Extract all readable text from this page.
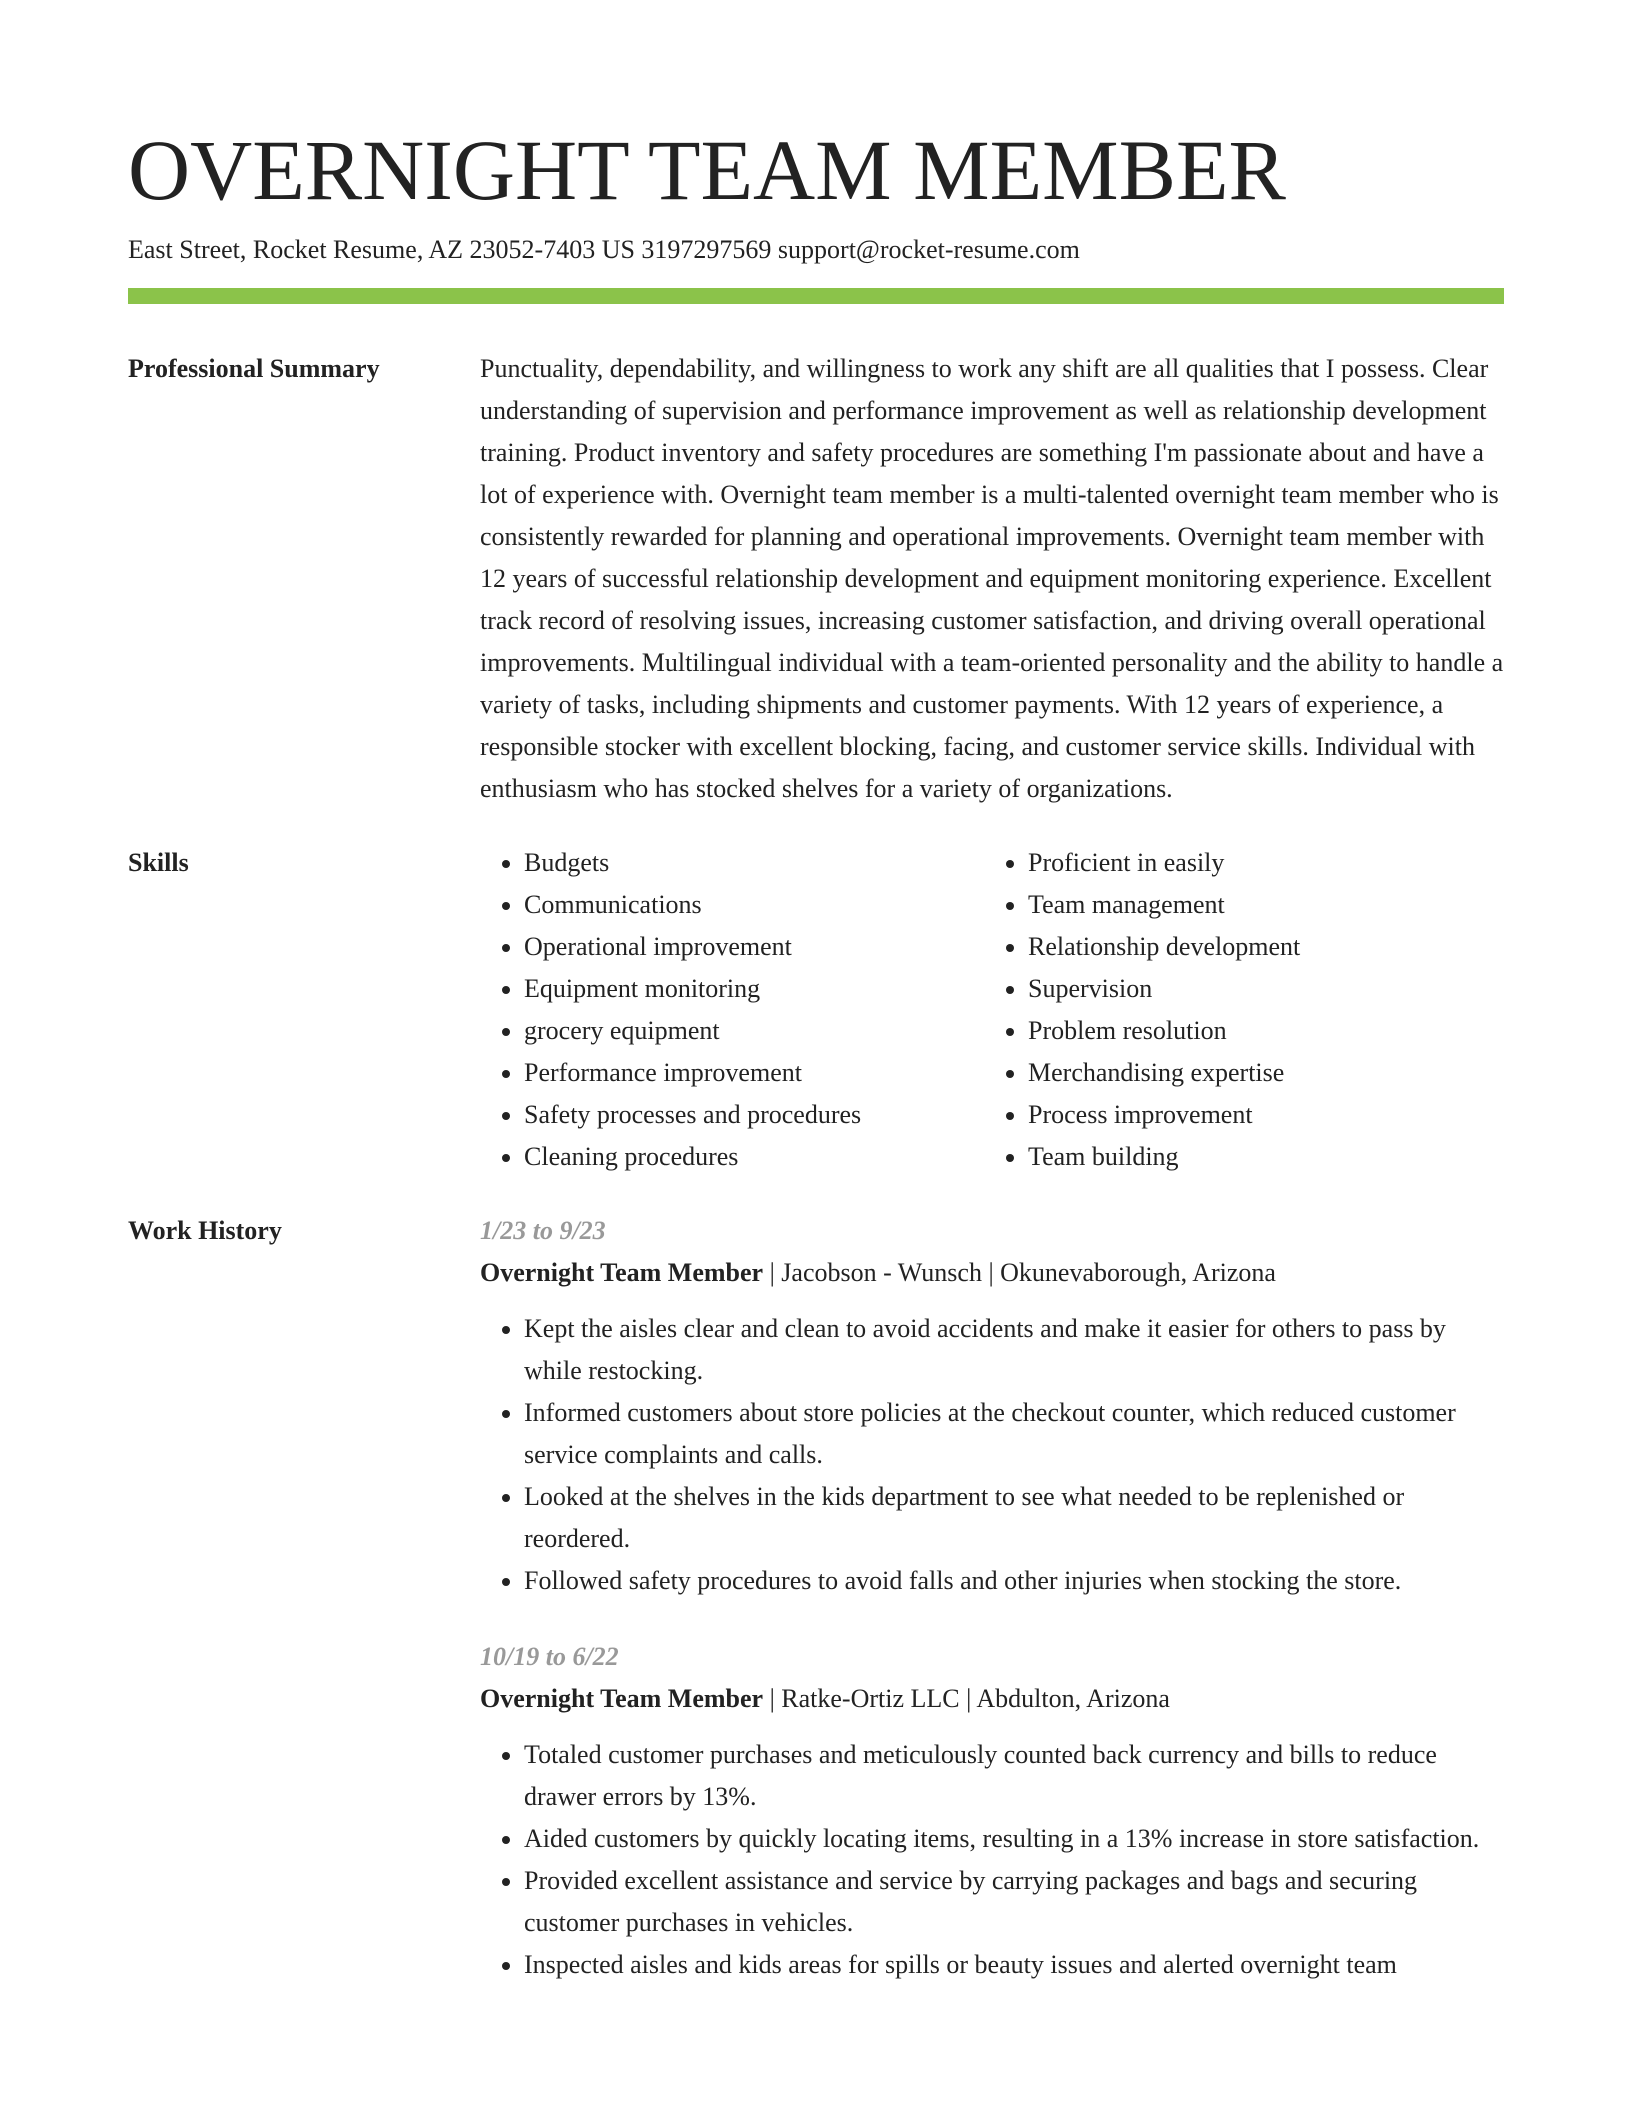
OVERNIGHT TEAM MEMBER
East Street, Rocket Resume, AZ 23052-7403 US 3197297569 support@rocket-resume.com
Professional Summary	Punctuality, dependability, and willingness to work any shift are all qualities that I possess. Clear understanding of supervision and performance improvement as well as relationship development training. Product inventory and safety procedures are something I'm passionate about and have a lot of experience with. Overnight team member is a multi-talented overnight team member who is consistently rewarded for planning and operational improvements. Overnight team member with 12 years of successful relationship development and equipment monitoring experience. Excellent track record of resolving issues, increasing customer satisfaction, and driving overall operational improvements. Multilingual individual with a team-oriented personality and the ability to handle a variety of tasks, including shipments and customer payments. With 12 years of experience, a responsible stocker with excellent blocking, facing, and customer service skills. Individual with enthusiasm who has stocked shelves for a variety of organizations.

Skills
•	Budgets
• Communications
• Operational improvement
• Equipment monitoring
• grocery equipment
• Performance improvement
• Safety processes and procedures
• Cleaning procedures
• Proficient in easily
• Team management
• Relationship development
• Supervision
• Problem resolution
• Merchandising expertise
• Process improvement
• Team building
Work History	1/23 to 9/23
Overnight Team Member | Jacobson - Wunsch | Okunevaborough, Arizona
• Kept the aisles clear and clean to avoid accidents and make it easier for others to pass by while restocking.
• Informed customers about store policies at the checkout counter, which reduced customer service complaints and calls.
• Looked at the shelves in the kids department to see what needed to be replenished or reordered.
• Followed safety procedures to avoid falls and other injuries when stocking the store.
10/19 to 6/22
Overnight Team Member | Ratke-Ortiz LLC | Abdulton, Arizona
• Totaled customer purchases and meticulously counted back currency and bills to reduce drawer errors by 13%.
• Aided customers by quickly locating items, resulting in a 13% increase in store satisfaction.
• Provided excellent assistance and service by carrying packages and bags and securing customer purchases in vehicles.
• Inspected aisles and kids areas for spills or beauty issues and alerted overnight team
